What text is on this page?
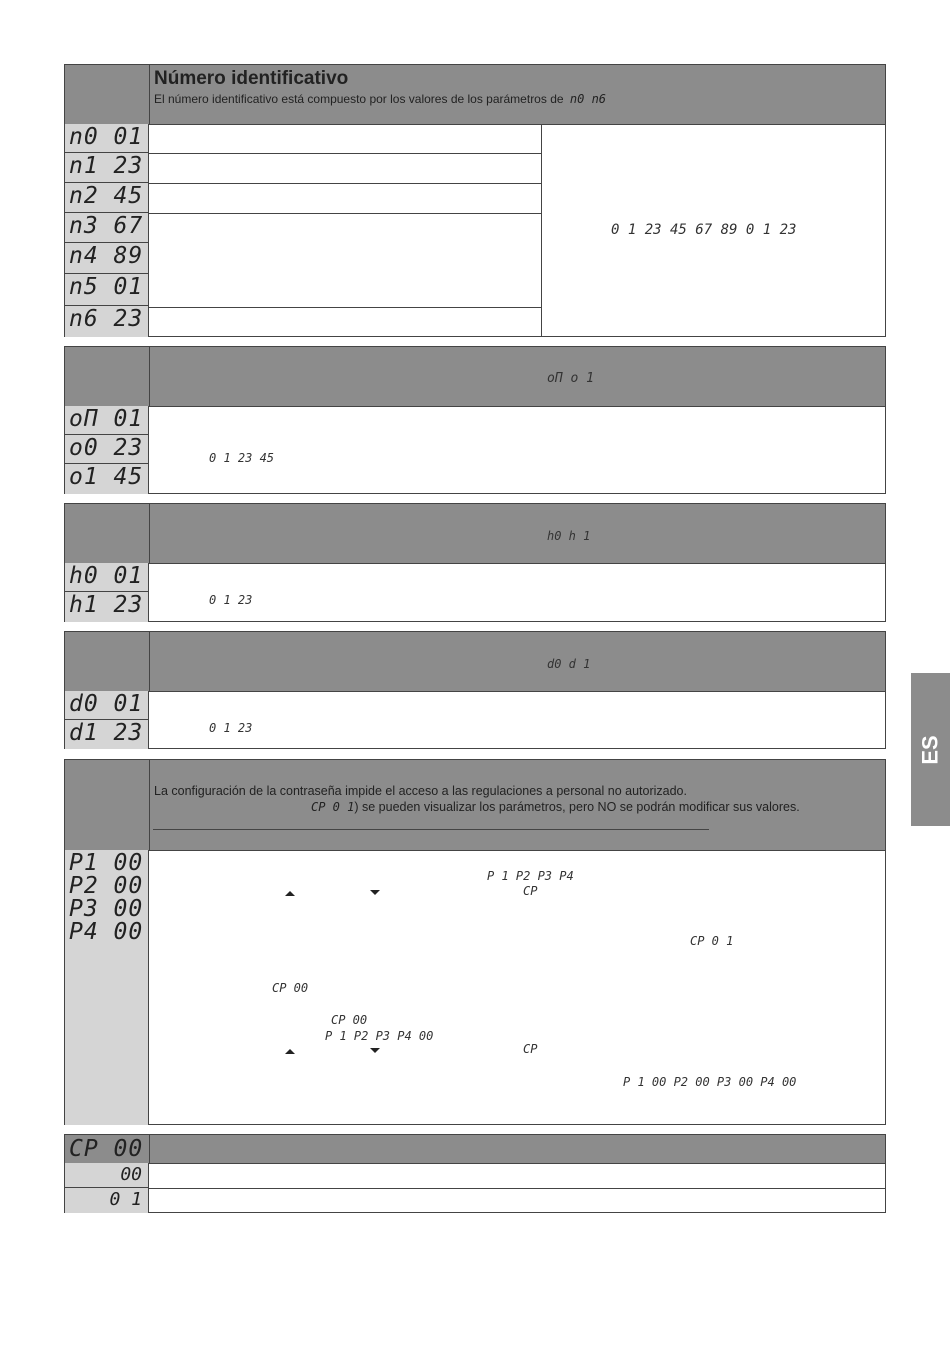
ES
Número identificativo
El número identificativo está compuesto por los valores de los parámetros de n0 n6
n0 01
n1 23
n2 45
n3 67
n4 89
n5 01
n6 23
0 1 23 45 67 89 0 1 23
oΠ o 1
oΠ 01
o0 23
o1 45
0 1 23 45
h0 h 1
h0 01
h1 23	0 1 23
d0 d 1
d0 01
d1 23	0 1 23
La configuración de la contraseña impide el acceso a las regulaciones a personal no autorizado.
CP 0 1) se pueden visualizar los parámetros, pero NO se podrán modificar sus valores.
P1 00
P2 00
P3 00
P4 00
P 1 P2 P3 P4
CP
CP 0 1
CP 00
CP 00
P 1 P2 P3 P4 00
CP
P 1 00 P2 00 P3 00 P4 00
CP 00
00
0 1
